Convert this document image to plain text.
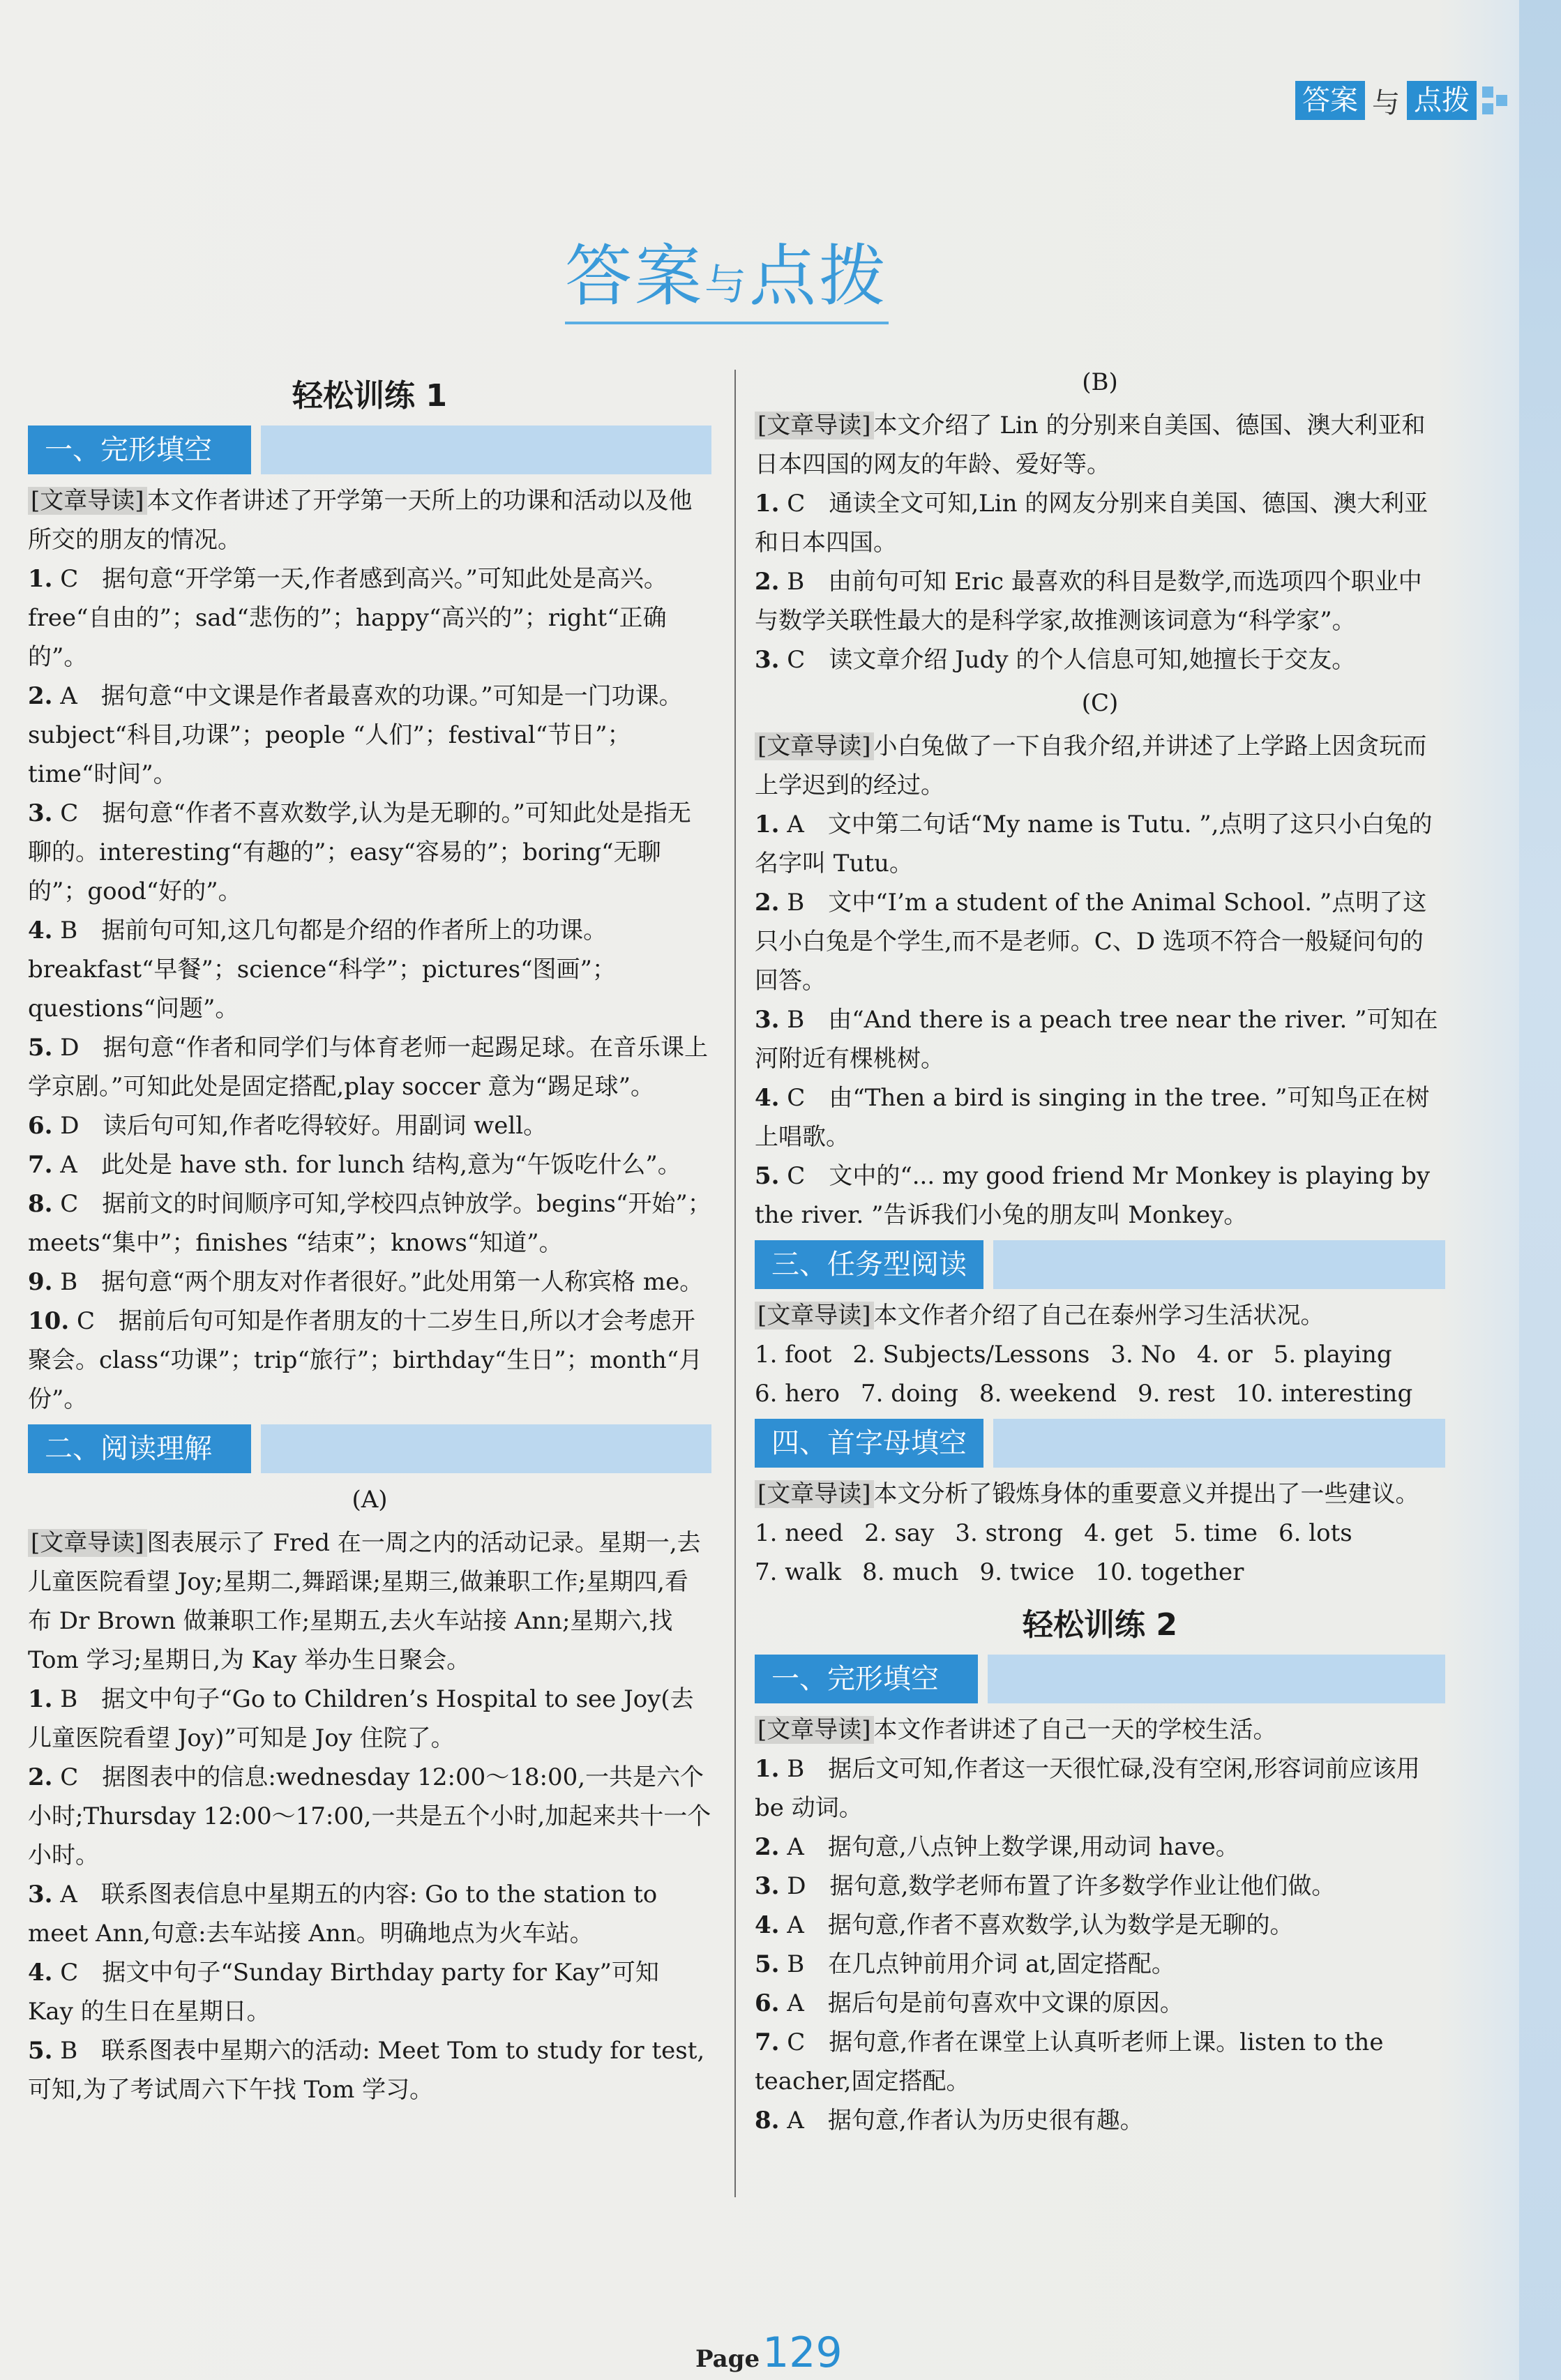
答案 与 点拨
答案与点拨
轻松训练 1
一、完形填空

[文章导读] 本文作者讲述了开学第一天所上的功课和活动以及他所交的朋友的情况。

1. C　据句意“开学第一天,作者感到高兴。”可知此处是高兴。free“自由的”；sad“悲伤的”；happy“高兴的”；right“正确的”。

2. A　据句意“中文课是作者最喜欢的功课。”可知是一门功课。subject“科目,功课”；people “人们”；festival“节日”；time“时间”。

3. C　据句意“作者不喜欢数学,认为是无聊的。”可知此处是指无聊的。interesting“有趣的”；easy“容易的”；boring“无聊的”；good“好的”。

4. B　据前句可知,这几句都是介绍的作者所上的功课。breakfast“早餐”；science“科学”；pictures“图画”；questions“问题”。

5. D　据句意“作者和同学们与体育老师一起踢足球。在音乐课上学京剧。”可知此处是固定搭配,play soccer 意为“踢足球”。

6. D　读后句可知,作者吃得较好。用副词 well。

7. A　此处是 have sth. for lunch 结构,意为“午饭吃什么”。

8. C　据前文的时间顺序可知,学校四点钟放学。begins“开始”；meets“集中”；finishes “结束”；knows“知道”。

9. B　据句意“两个朋友对作者很好。”此处用第一人称宾格 me。

10. C　据前后句可知是作者朋友的十二岁生日,所以才会考虑开聚会。class“功课”；trip“旅行”；birthday“生日”；month“月份”。

二、阅读理解
(A)

[文章导读] 图表展示了 Fred 在一周之内的活动记录。星期一,去儿童医院看望 Joy;星期二,舞蹈课;星期三,做兼职工作;星期四,看布 Dr Brown 做兼职工作;星期五,去火车站接 Ann;星期六,找 Tom 学习;星期日,为 Kay 举办生日聚会。

1. B　据文中句子“Go to Children’s Hospital to see Joy(去儿童医院看望 Joy)”可知是 Joy 住院了。

2. C　据图表中的信息:wednesday 12:00～18:00,一共是六个小时;Thursday 12:00～17:00,一共是五个小时,加起来共十一个小时。

3. A　联系图表信息中星期五的内容: Go to the station to meet Ann,句意:去车站接 Ann。明确地点为火车站。

4. C　据文中句子“Sunday Birthday party for Kay”可知 Kay 的生日在星期日。

5. B　联系图表中星期六的活动: Meet Tom to study for test,可知,为了考试周六下午找 Tom 学习。

(B)

[文章导读] 本文介绍了 Lin 的分别来自美国、德国、澳大利亚和日本四国的网友的年龄、爱好等。

1. C　通读全文可知,Lin 的网友分别来自美国、德国、澳大利亚和日本四国。

2. B　由前句可知 Eric 最喜欢的科目是数学,而选项四个职业中与数学关联性最大的是科学家,故推测该词意为“科学家”。

3. C　读文章介绍 Judy 的个人信息可知,她擅长于交友。

(C)

[文章导读] 小白兔做了一下自我介绍,并讲述了上学路上因贪玩而上学迟到的经过。

1. A　文中第二句话“My name is Tutu. ”,点明了这只小白兔的名字叫 Tutu。

2. B　文中“I’m a student of the Animal School. ”点明了这只小白兔是个学生,而不是老师。C、D 选项不符合一般疑问句的回答。

3. B　由“And there is a peach tree near the river. ”可知在河附近有棵桃树。

4. C　由“Then a bird is singing in the tree. ”可知鸟正在树上唱歌。

5. C　文中的“... my good friend Mr Monkey is playing by the river. ”告诉我们小兔的朋友叫 Monkey。

三、任务型阅读

[文章导读] 本文作者介绍了自己在泰州学习生活状况。

1. foot 2. Subjects/Lessons 3. No 4. or 5. playing
6. hero 7. doing 8. weekend 9. rest 10. interesting
四、首字母填空

[文章导读] 本文分析了锻炼身体的重要意义并提出了一些建议。

1. need 2. say 3. strong 4. get 5. time 6. lots
7. walk 8. much 9. twice 10. together
轻松训练 2
一、完形填空

[文章导读] 本文作者讲述了自己一天的学校生活。

1. B　据后文可知,作者这一天很忙碌,没有空闲,形容词前应该用 be 动词。

2. A　据句意,八点钟上数学课,用动词 have。

3. D　据句意,数学老师布置了许多数学作业让他们做。

4. A　据句意,作者不喜欢数学,认为数学是无聊的。

5. B　在几点钟前用介词 at,固定搭配。

6. A　据后句是前句喜欢中文课的原因。

7. C　据句意,作者在课堂上认真听老师上课。listen to the teacher,固定搭配。

8. A　据句意,作者认为历史很有趣。

Page129
